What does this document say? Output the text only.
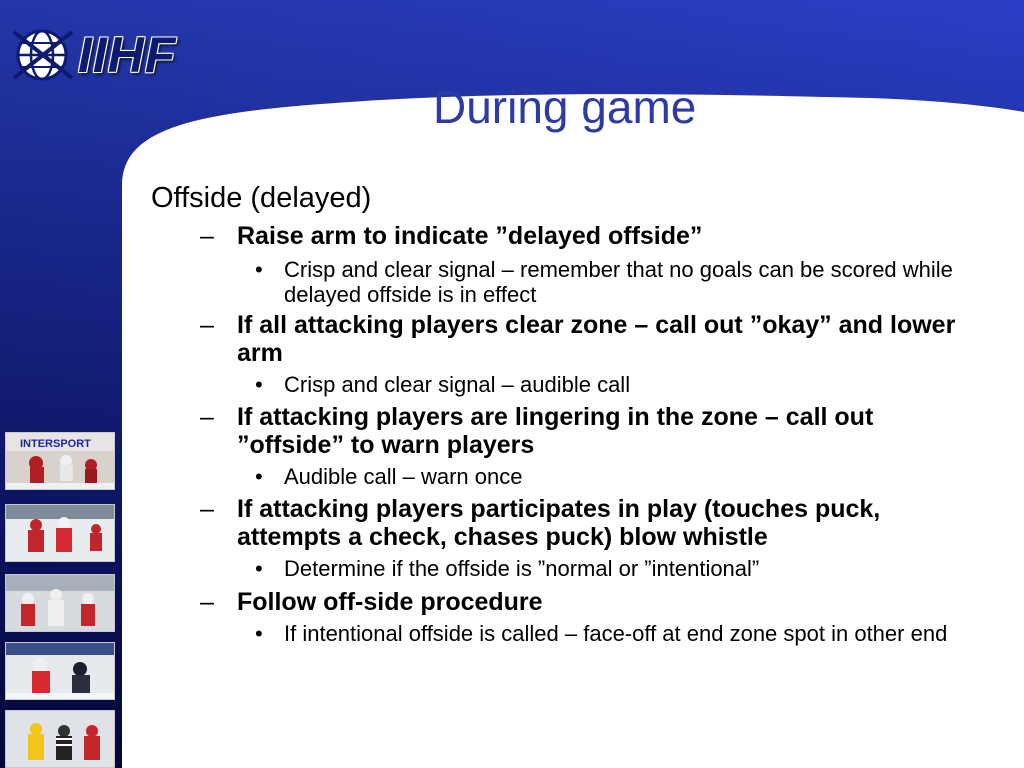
IIHF
During game
INTERSPORT
Offside (delayed)
– Raise arm to indicate ”delayed offside”
• Crisp and clear signal – remember that no goals can be scored while delayed offside is in effect
– If all attacking players clear zone – call out ”okay” and lower arm
• Crisp and clear signal – audible call
– If attacking players are lingering in the zone – call out ”offside” to warn players
• Audible call – warn once
– If attacking players participates in play (touches puck, attempts a check, chases puck) blow whistle
• Determine if the offside is ”normal or ”intentional”
– Follow off-side procedure
• If intentional offside is called – face-off at end zone spot in other end
